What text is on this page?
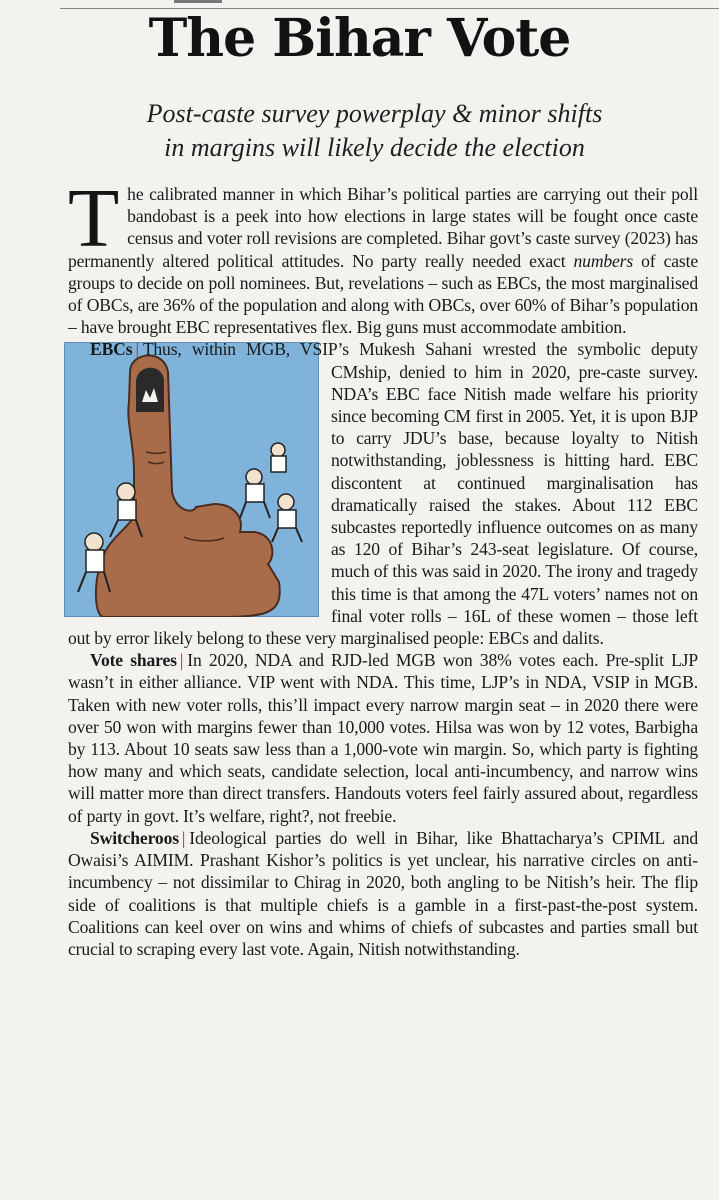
The Bihar Vote
Post-caste survey powerplay & minor shifts
in margins will likely decide the election

The calibrated manner in which Bihar’s political parties are carrying out their poll bandobast is a peek into how elections in large states will be fought once caste census and voter roll revisions are completed. Bihar govt’s caste survey (2023) has permanently altered political attitudes. No party really needed exact numbers of caste groups to decide on poll nominees. But, revelations – such as EBCs, the most marginalised of OBCs, are 36% of the population and along with OBCs, over 60% of Bihar’s population – have brought EBC representatives flex. Big guns must accommodate ambition.

EBCs | Thus, within MGB, VSIP’s Mukesh Sahani wrested the symbolic deputy CMship, denied to him in 2020, pre-caste survey. NDA’s EBC face Nitish made welfare his priority since becoming CM first in 2005. Yet, it is upon BJP to carry JDU’s base, because loyalty to Nitish notwithstanding, joblessness is hitting hard. EBC discontent at continued marginalisation has dramatically raised the stakes. About 112 EBC subcastes reportedly influence outcomes on as many as 120 of Bihar’s 243-seat legislature. Of course, much of this was said in 2020. The irony and tragedy this time is that among the 47L voters’ names not on final voter rolls – 16L of these women – those left out by error likely belong to these very marginalised people: EBCs and dalits.

Vote shares | In 2020, NDA and RJD-led MGB won 38% votes each. Pre-split LJP wasn’t in either alliance. VIP went with NDA. This time, LJP’s in NDA, VSIP in MGB. Taken with new voter rolls, this’ll impact every narrow margin seat – in 2020 there were over 50 won with margins fewer than 10,000 votes. Hilsa was won by 12 votes, Barbigha by 113. About 10 seats saw less than a 1,000-vote win margin. So, which party is fighting how many and which seats, candidate selection, local anti-incumbency, and narrow wins will matter more than direct transfers. Handouts voters feel fairly assured about, regardless of party in govt. It’s welfare, right?, not freebie.

Switcheroos | Ideological parties do well in Bihar, like Bhattacharya’s CPIML and Owaisi’s AIMIM. Prashant Kishor’s politics is yet unclear, his narrative circles on anti-incumbency – not dissimilar to Chirag in 2020, both angling to be Nitish’s heir. The flip side of coalitions is that multiple chiefs is a gamble in a first-past-the-post system. Coalitions can keel over on wins and whims of chiefs of subcastes and parties small but crucial to scraping every last vote. Again, Nitish notwithstanding.
